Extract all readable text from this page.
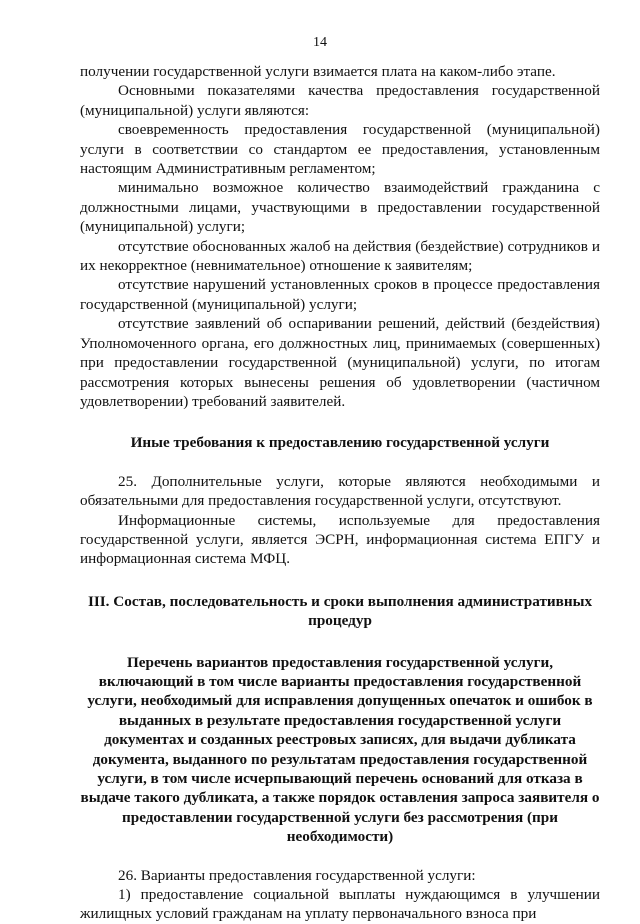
14

получении государственной услуги взимается плата на каком-либо этапе.

Основными показателями качества предоставления государственной (муниципальной) услуги являются:

своевременность предоставления государственной (муниципальной) услуги в соответствии со стандартом ее предоставления, установленным настоящим Административным регламентом;

минимально возможное количество взаимодействий гражданина с должностными лицами, участвующими в предоставлении государственной (муниципальной) услуги;

отсутствие обоснованных жалоб на действия (бездействие) сотрудников и их некорректное (невнимательное) отношение к заявителям;

отсутствие нарушений установленных сроков в процессе предоставления государственной (муниципальной) услуги;

отсутствие заявлений об оспаривании решений, действий (бездействия) Уполномоченного органа, его должностных лиц, принимаемых (совершенных) при предоставлении государственной (муниципальной) услуги, по итогам рассмотрения которых вынесены решения об удовлетворении (частичном удовлетворении) требований заявителей.

Иные требования к предоставлению государственной услуги

25. Дополнительные услуги, которые являются необходимыми и обязательными для предоставления государственной услуги, отсутствуют.

Информационные системы, используемые для предоставления государственной услуги, является ЭСРН, информационная система ЕПГУ и информационная система МФЦ.

III. Состав, последовательность и сроки выполнения административных процедур

Перечень вариантов предоставления государственной услуги, включающий в том числе варианты предоставления государственной услуги, необходимый для исправления допущенных опечаток и ошибок в выданных в результате предоставления государственной услуги документах и созданных реестровых записях, для выдачи дубликата документа, выданного по результатам предоставления государственной услуги, в том числе исчерпывающий перечень оснований для отказа в выдаче такого дубликата, а также порядок оставления запроса заявителя о предоставлении государственной услуги без рассмотрения (при необходимости)

26. Варианты предоставления государственной услуги:

1) предоставление социальной выплаты нуждающимся в улучшении жилищных условий гражданам на уплату первоначального взноса при
